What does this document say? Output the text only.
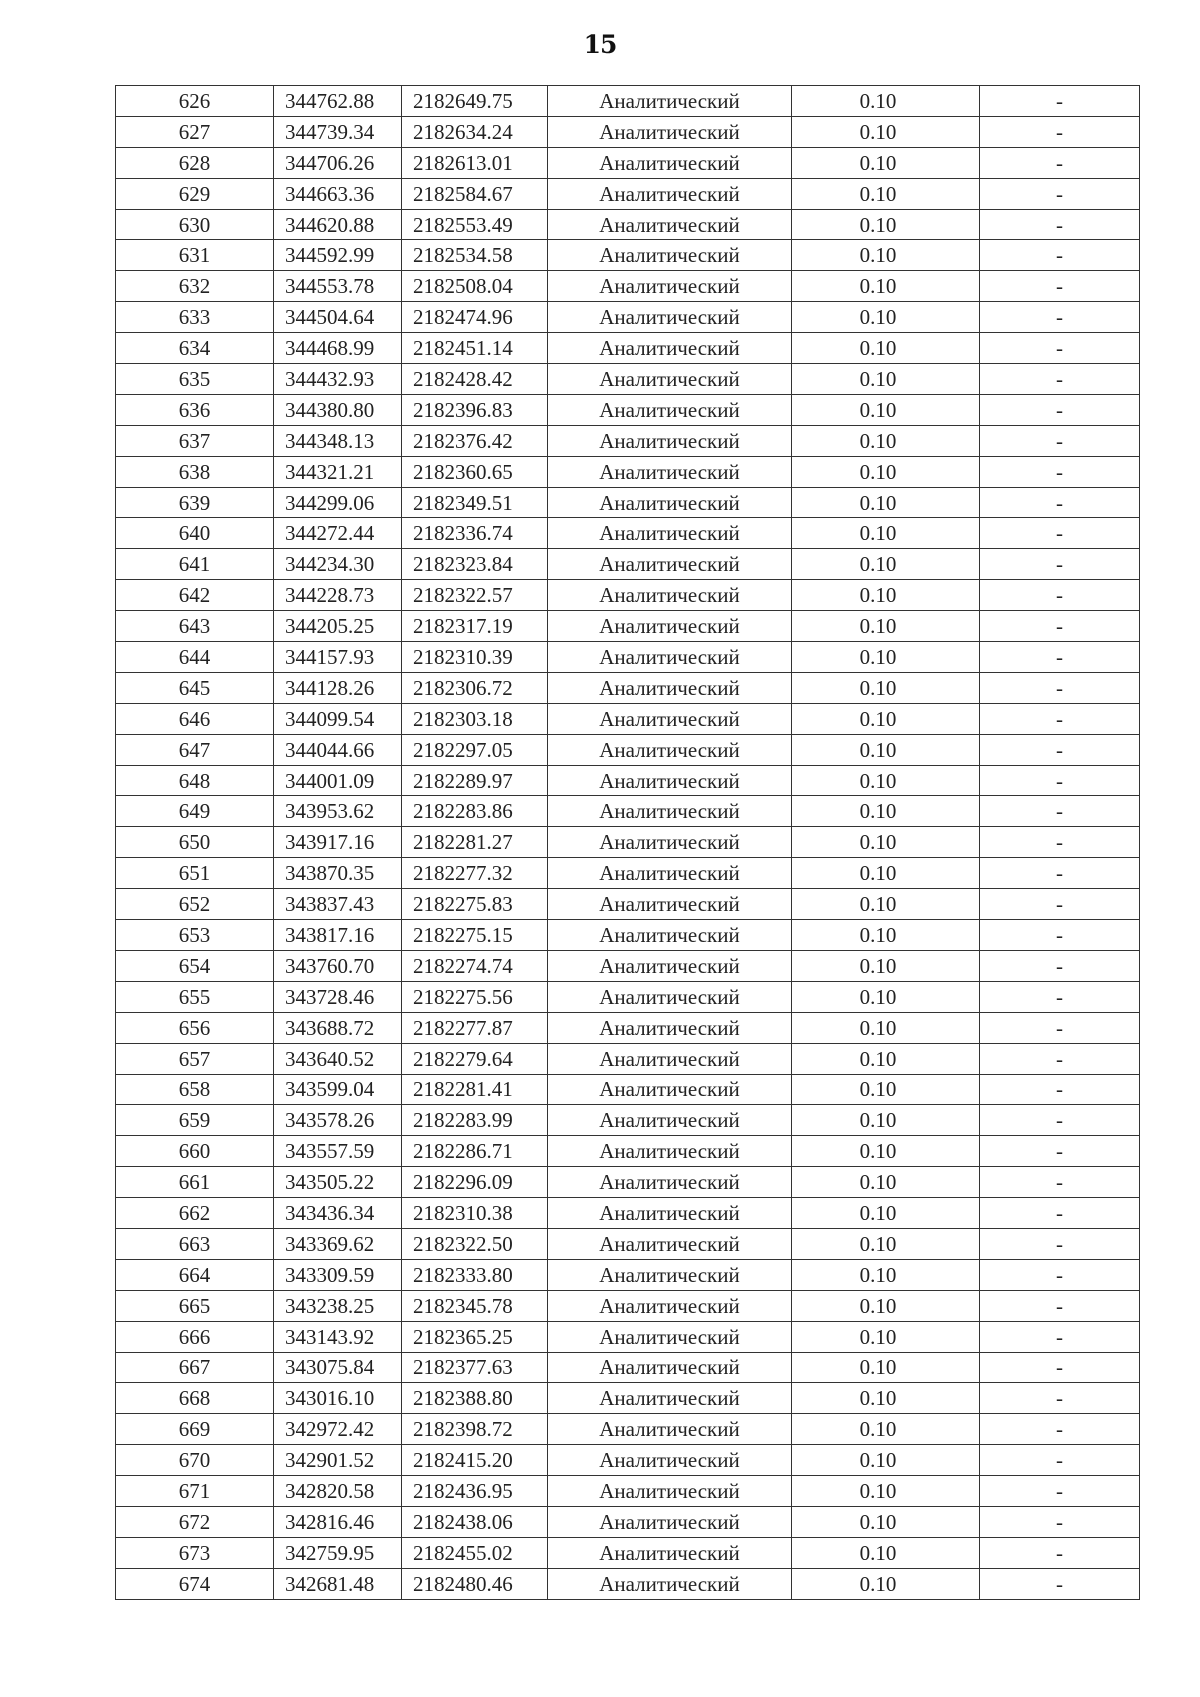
15
626	344762.88	2182649.75	Аналитический	0.10	-
627	344739.34	2182634.24	Аналитический	0.10	-
628	344706.26	2182613.01	Аналитический	0.10	-
629	344663.36	2182584.67	Аналитический	0.10	-
630	344620.88	2182553.49	Аналитический	0.10	-
631	344592.99	2182534.58	Аналитический	0.10	-
632	344553.78	2182508.04	Аналитический	0.10	-
633	344504.64	2182474.96	Аналитический	0.10	-
634	344468.99	2182451.14	Аналитический	0.10	-
635	344432.93	2182428.42	Аналитический	0.10	-
636	344380.80	2182396.83	Аналитический	0.10	-
637	344348.13	2182376.42	Аналитический	0.10	-
638	344321.21	2182360.65	Аналитический	0.10	-
639	344299.06	2182349.51	Аналитический	0.10	-
640	344272.44	2182336.74	Аналитический	0.10	-
641	344234.30	2182323.84	Аналитический	0.10	-
642	344228.73	2182322.57	Аналитический	0.10	-
643	344205.25	2182317.19	Аналитический	0.10	-
644	344157.93	2182310.39	Аналитический	0.10	-
645	344128.26	2182306.72	Аналитический	0.10	-
646	344099.54	2182303.18	Аналитический	0.10	-
647	344044.66	2182297.05	Аналитический	0.10	-
648	344001.09	2182289.97	Аналитический	0.10	-
649	343953.62	2182283.86	Аналитический	0.10	-
650	343917.16	2182281.27	Аналитический	0.10	-
651	343870.35	2182277.32	Аналитический	0.10	-
652	343837.43	2182275.83	Аналитический	0.10	-
653	343817.16	2182275.15	Аналитический	0.10	-
654	343760.70	2182274.74	Аналитический	0.10	-
655	343728.46	2182275.56	Аналитический	0.10	-
656	343688.72	2182277.87	Аналитический	0.10	-
657	343640.52	2182279.64	Аналитический	0.10	-
658	343599.04	2182281.41	Аналитический	0.10	-
659	343578.26	2182283.99	Аналитический	0.10	-
660	343557.59	2182286.71	Аналитический	0.10	-
661	343505.22	2182296.09	Аналитический	0.10	-
662	343436.34	2182310.38	Аналитический	0.10	-
663	343369.62	2182322.50	Аналитический	0.10	-
664	343309.59	2182333.80	Аналитический	0.10	-
665	343238.25	2182345.78	Аналитический	0.10	-
666	343143.92	2182365.25	Аналитический	0.10	-
667	343075.84	2182377.63	Аналитический	0.10	-
668	343016.10	2182388.80	Аналитический	0.10	-
669	342972.42	2182398.72	Аналитический	0.10	-
670	342901.52	2182415.20	Аналитический	0.10	-
671	342820.58	2182436.95	Аналитический	0.10	-
672	342816.46	2182438.06	Аналитический	0.10	-
673	342759.95	2182455.02	Аналитический	0.10	-
674	342681.48	2182480.46	Аналитический	0.10	-
